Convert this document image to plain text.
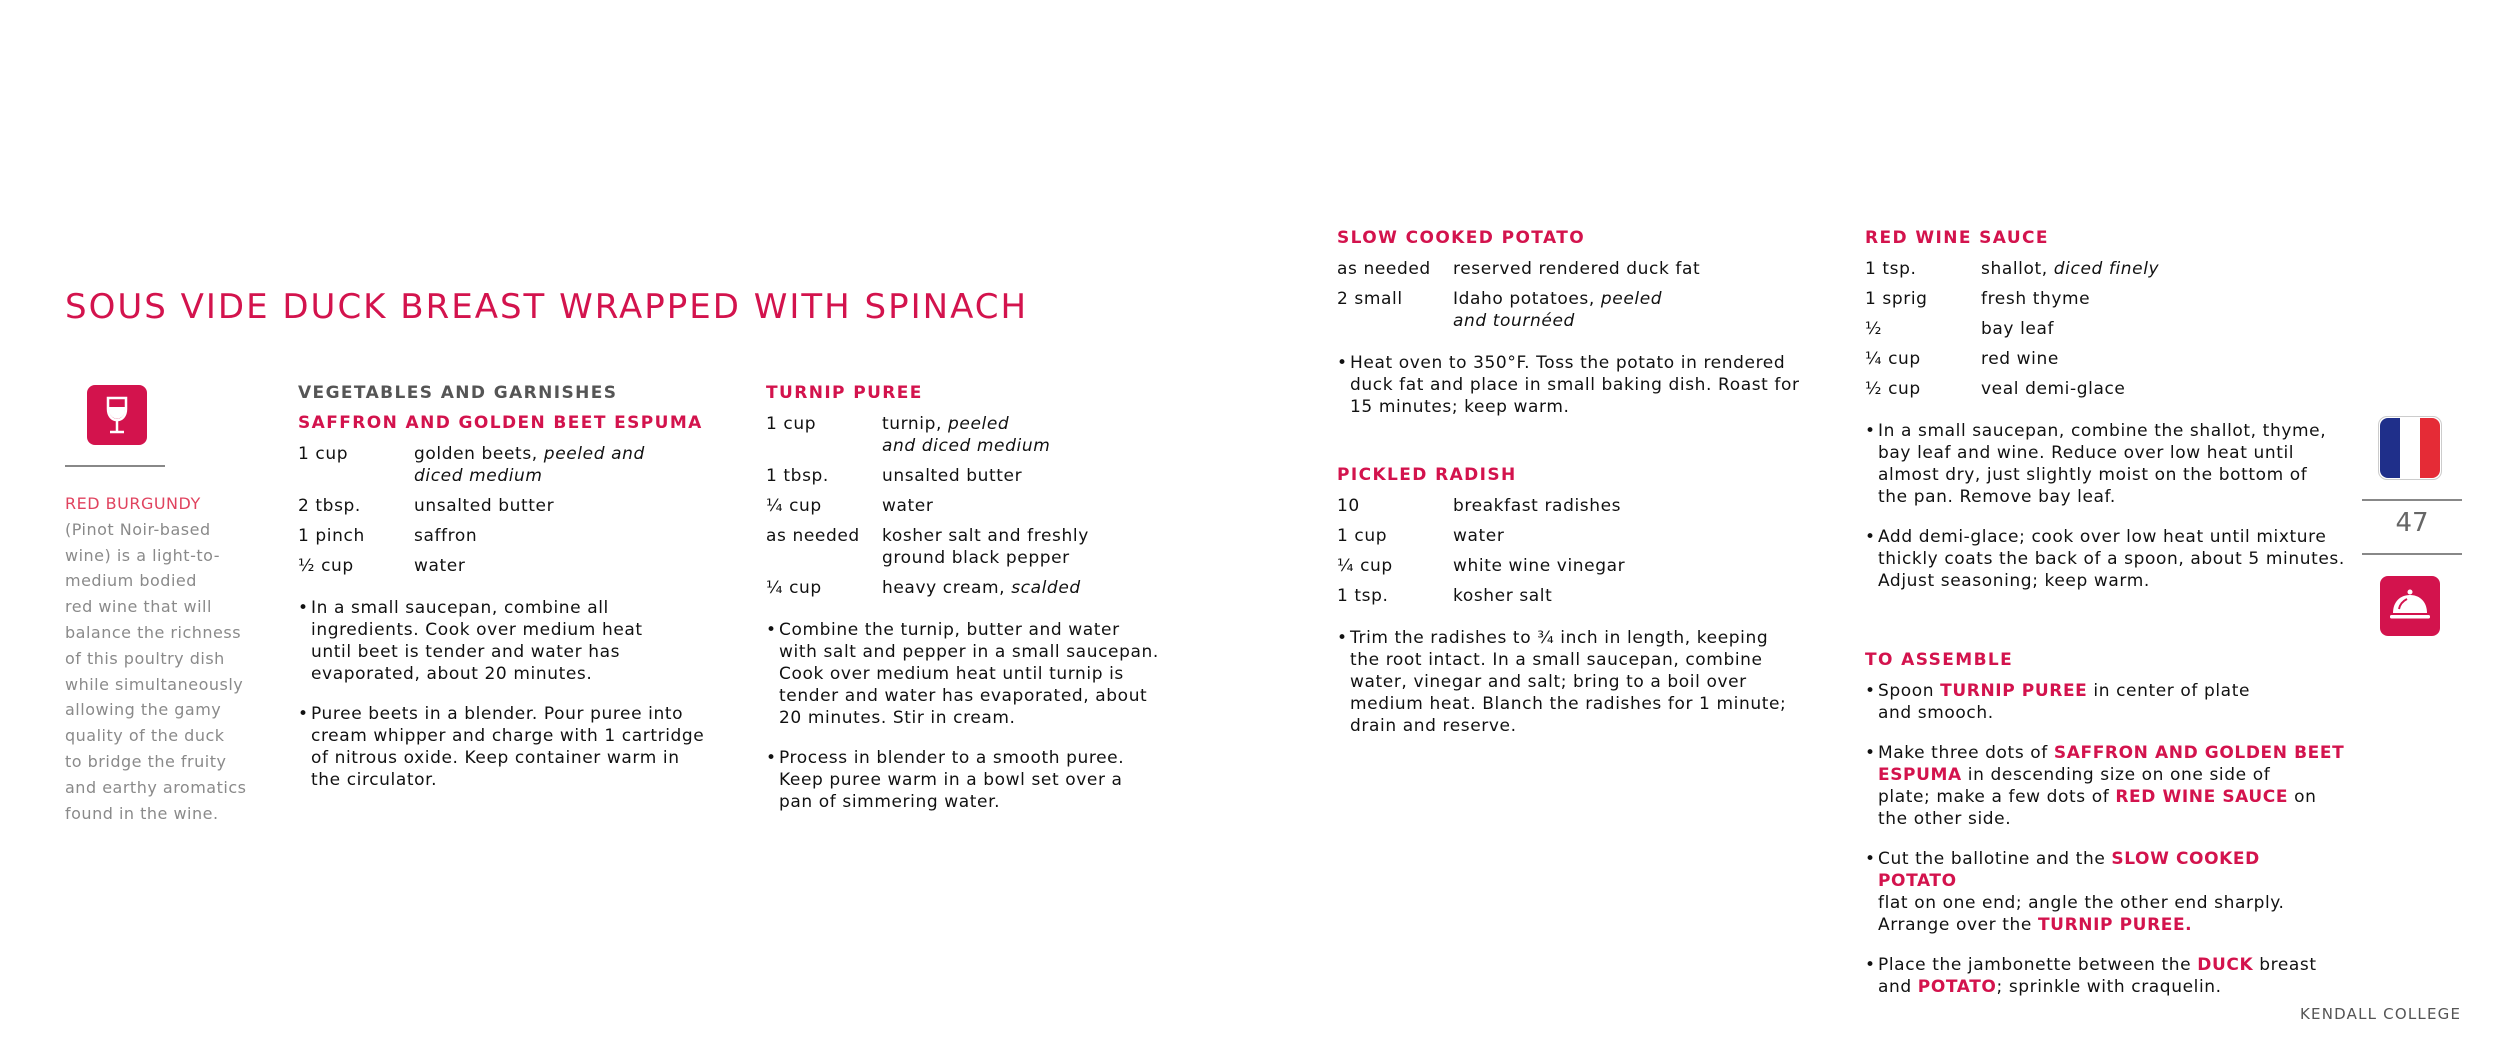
SOUS VIDE DUCK BREAST WRAPPED WITH SPINACH
RED BURGUNDY
(Pinot Noir-based
wine) is a light-to-
medium bodied
red wine that will
balance the richness
of this poultry dish
while simultaneously
allowing the gamy
quality of the duck
to bridge the fruity
and earthy aromatics
found in the wine.
VEGETABLES AND GARNISHES
SAFFRON AND GOLDEN BEET ESPUMA
1 cup	golden beets, peeled and
diced medium
2 tbsp.	unsalted butter
1 pinch	saffron
½ cup	water
• In a small saucepan, combine all
ingredients. Cook over medium heat
until beet is tender and water has
evaporated, about 20 minutes.
• Puree beets in a blender. Pour puree into
cream whipper and charge with 1 cartridge
of nitrous oxide. Keep container warm in
the circulator.
TURNIP PUREE
1 cup	turnip, peeled
and diced medium
1 tbsp.	unsalted butter
¼ cup	water
as needed	kosher salt and freshly
ground black pepper
¼ cup	heavy cream, scalded
• Combine the turnip, butter and water
with salt and pepper in a small saucepan.
Cook over medium heat until turnip is
tender and water has evaporated, about
20 minutes. Stir in cream.
• Process in blender to a smooth puree.
Keep puree warm in a bowl set over a
pan of simmering water.
SLOW COOKED POTATO
as needed	reserved rendered duck fat
2 small	Idaho potatoes, peeled
and tournéed
• Heat oven to 350°F. Toss the potato in rendered
duck fat and place in small baking dish. Roast for
15 minutes; keep warm.
PICKLED RADISH
10	breakfast radishes
1 cup	water
¼ cup	white wine vinegar
1 tsp.	kosher salt
• Trim the radishes to ¾ inch in length, keeping
the root intact. In a small saucepan, combine
water, vinegar and salt; bring to a boil over
medium heat. Blanch the radishes for 1 minute;
drain and reserve.
RED WINE SAUCE
1 tsp.	shallot, diced finely
1 sprig	fresh thyme
½	bay leaf
¼ cup	red wine
½ cup	veal demi-glace
• In a small saucepan, combine the shallot, thyme,
bay leaf and wine. Reduce over low heat until
almost dry, just slightly moist on the bottom of
the pan. Remove bay leaf.
• Add demi-glace; cook over low heat until mixture
thickly coats the back of a spoon, about 5 minutes.
Adjust seasoning; keep warm.
TO ASSEMBLE
• Spoon TURNIP PUREE in center of plate
and smooch.
• Make three dots of SAFFRON AND GOLDEN BEET
ESPUMA in descending size on one side of
plate; make a few dots of RED WINE SAUCE on
the other side.
• Cut the ballotine and the SLOW COOKED POTATO
flat on one end; angle the other end sharply.
Arrange over the TURNIP PUREE.
• Place the jambonette between the DUCK breast
and POTATO; sprinkle with craquelin.
47
KENDALL COLLEGE
